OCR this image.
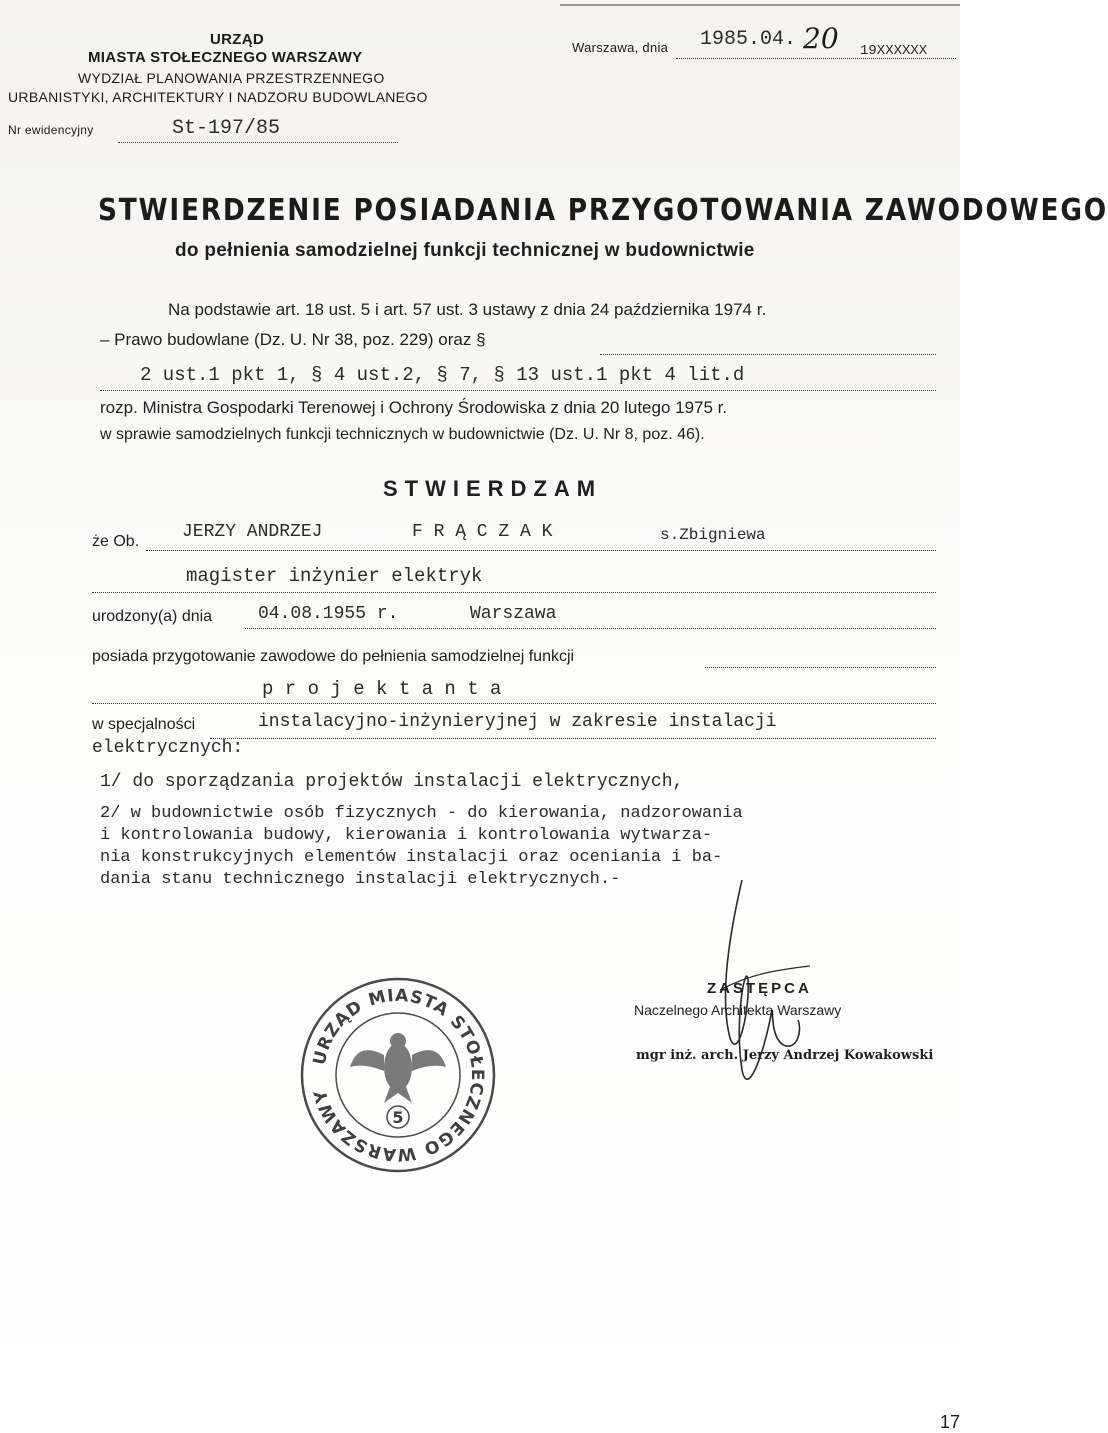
URZĄD
MIASTA STOŁECZNEGO WARSZAWY
WYDZIAŁ PLANOWANIA PRZESTRZENNEGO
URBANISTYKI, ARCHITEKTURY I NADZORU BUDOWLANEGO
Nr ewidencyjny	St-197/85
Warszawa, dnia 1985.04. 20 19XXXXXX
STWIERDZENIE POSIADANIA PRZYGOTOWANIA ZAWODOWEGO
do pełnienia samodzielnej funkcji technicznej w budownictwie
Na podstawie art. 18 ust. 5 i art. 57 ust. 3 ustawy z dnia 24 października 1974 r.
– Prawo budowlane (Dz. U. Nr 38, poz. 229) oraz §
2 ust.1 pkt 1, § 4 ust.2, § 7, § 13 ust.1 pkt 4 lit.d
rozp. Ministra Gospodarki Terenowej i Ochrony Środowiska z dnia 20 lutego 1975 r.
w sprawie samodzielnych funkcji technicznych w budownictwie (Dz. U. Nr 8, poz. 46).
STWIERDZAM
że Ob. JERZY ANDRZEJ	F R Ą C Z A K	s.Zbigniewa
magister inżynier elektryk
urodzony(a) dnia	04.08.1955 r.	Warszawa
posiada przygotowanie zawodowe do pełnienia samodzielnej funkcji
p r o j e k t a n t a
w specjalności	instalacyjno-inżynieryjnej w zakresie instalacji
elektrycznych:
1/ do sporządzania projektów instalacji elektrycznych,
2/ w budownictwie osób fizycznych - do kierowania, nadzorowania
i kontrolowania budowy, kierowania i kontrolowania wytwarza-
nia konstrukcyjnych elementów instalacji oraz oceniania i ba-
dania stanu technicznego instalacji elektrycznych.-
URZĄD MIASTA STOŁECZNEGO WARSZAWY
5
ZASTĘPCA
Naczelnego Architekta Warszawy
mgr inż. arch. Jerzy Andrzej Kowakowski
17
